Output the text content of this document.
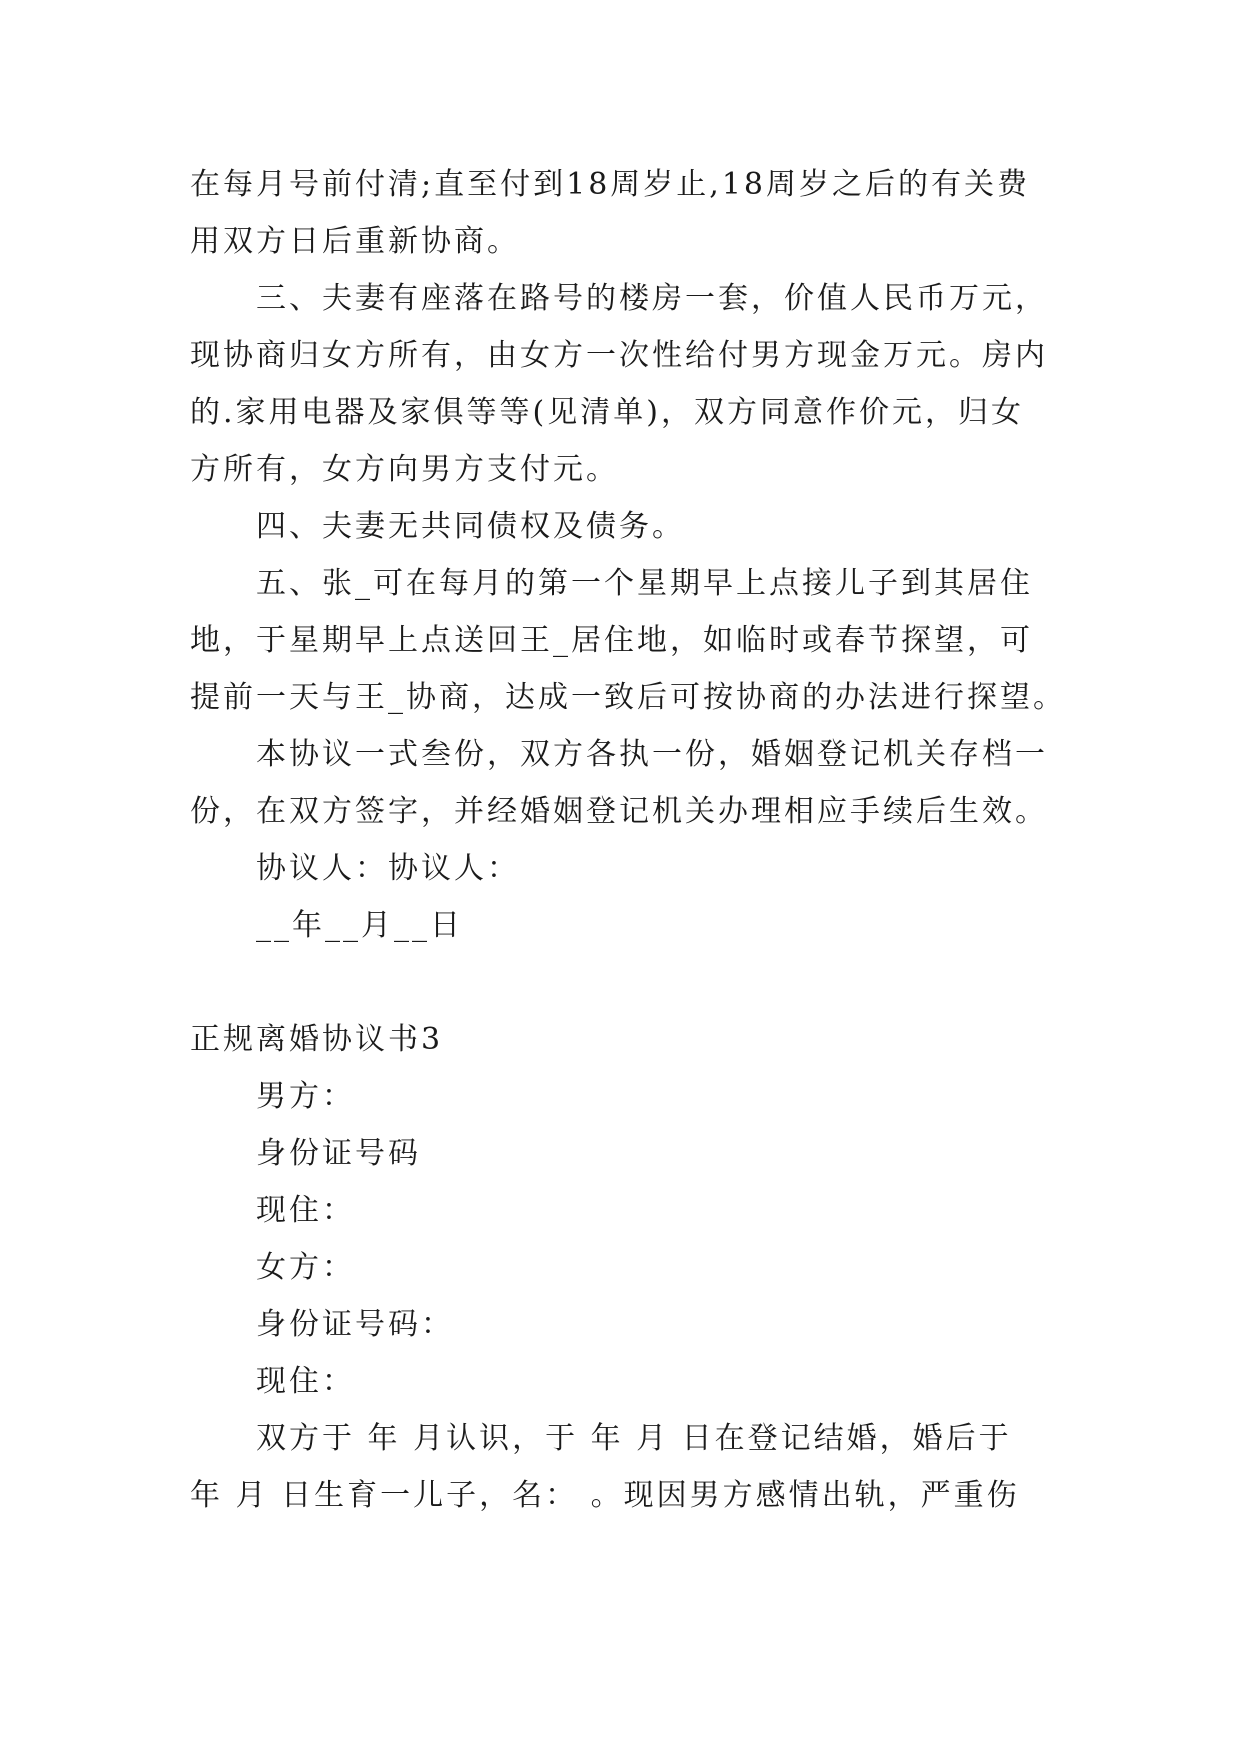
在每月号前付清;直至付到18周岁止,18周岁之后的有关费

用双方日后重新协商。

三、夫妻有座落在路号的楼房一套，价值人民币万元，

现协商归女方所有，由女方一次性给付男方现金万元。房内

的.家用电器及家俱等等(见清单)，双方同意作价元，归女

方所有，女方向男方支付元。

四、夫妻无共同债权及债务。

五、张_可在每月的第一个星期早上点接儿子到其居住

地，于星期早上点送回王_居住地，如临时或春节探望，可

提前一天与王_协商，达成一致后可按协商的办法进行探望。

本协议一式叁份，双方各执一份，婚姻登记机关存档一

份，在双方签字，并经婚姻登记机关办理相应手续后生效。

协议人：协议人：

__年__月__日

正规离婚协议书3

男方：

身份证号码

现住：

女方：

身份证号码：

现住：

双方于 年 月认识，于 年 月 日在登记结婚，婚后于

年 月 日生育一儿子，名： 。现因男方感情出轨，严重伤
